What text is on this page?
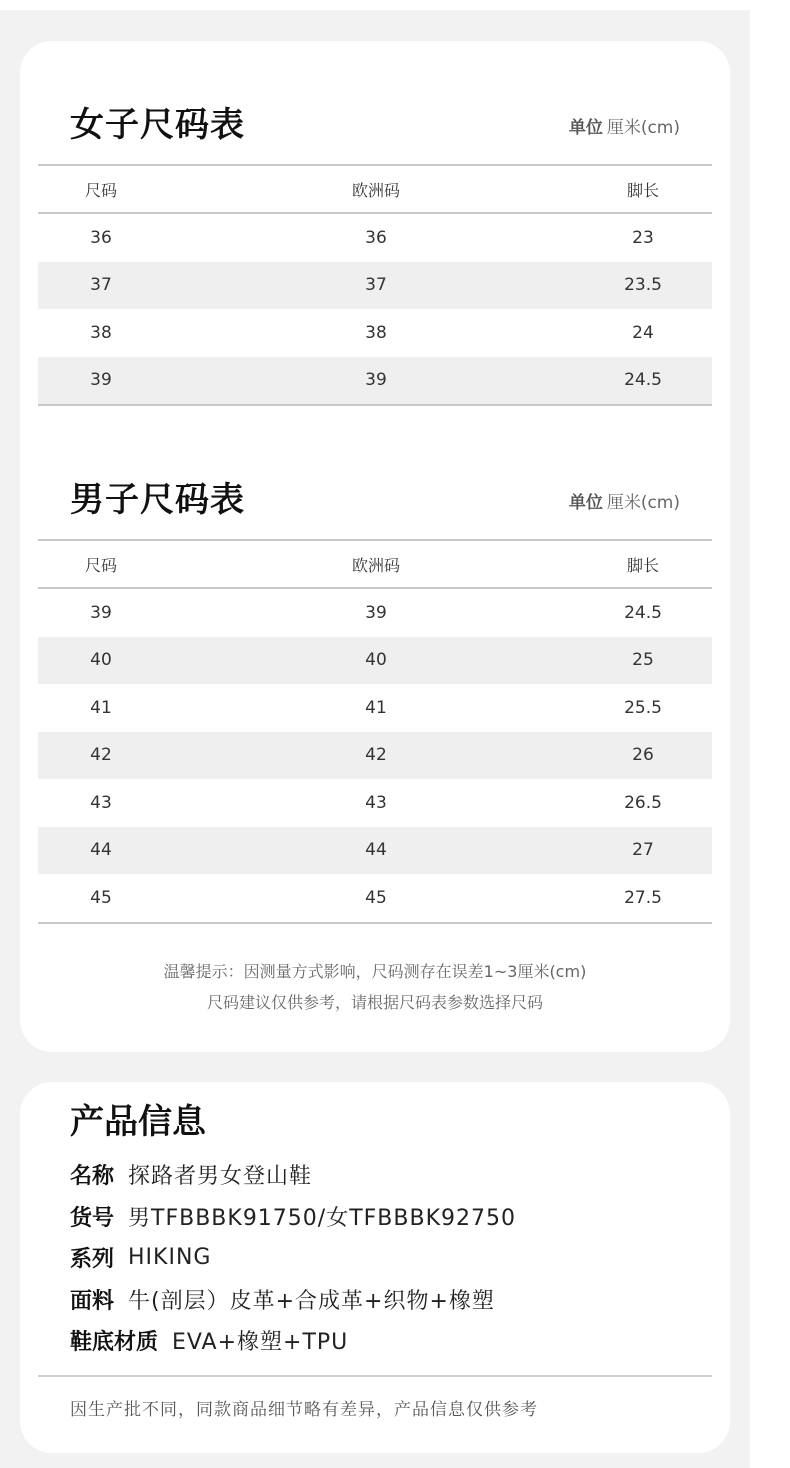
女子尺码表	单位 厘米(cm)
尺码	欧洲码	脚长
36	36	23
37	37	23.5
38	38	24
39	39	24.5
男子尺码表	单位 厘米(cm)
尺码	欧洲码	脚长
39	39	24.5
40	40	25
41	41	25.5
42	42	26
43	43	26.5
44	44	27
45	45	27.5
温馨提示：因测量方式影响，尺码测存在误差1~3厘米(cm)
尺码建议仅供参考，请根据尺码表参数选择尺码
产品信息
名称 探路者男女登山鞋
货号 男TFBBBK91750/女TFBBBK92750
系列 HIKING
面料 牛(剖层）皮革+合成革+织物+橡塑
鞋底材质 EVA+橡塑+TPU
因生产批不同，同款商品细节略有差异，产品信息仅供参考
